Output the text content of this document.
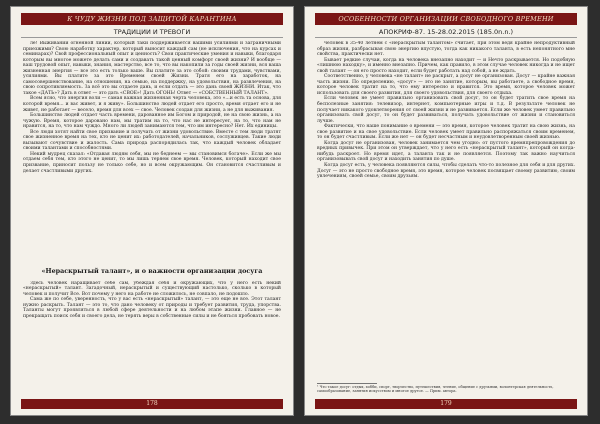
К ЧУДУ ЖИЗНИ ПОД ЗАЩИТОЙ КАРАНТИНА
ТРАДИЦИИ И ТРЕВОГИ

ле! Выживании огненной линии, который таки поддерживается вашими усилиями и заграничными приезжими? Свою наработку характер, который выносит каждый сам (не исключения, что на курсах и семинарах)? Свой профессиональный опыт и ценность? Свои практические умения и навыки, благодаря которым вы многое можете делать сами и создавать такой ценный комфорт своей жизни? И вообще — ваш трудовой опыт, навыки, знания, мастерство, все то, что вы накопили за годы своей жизни, вся ваша жизненная энергия — все это есть только ваше. Вы платите за это собой: своими трудами, чувствами, усилиями. Вы платите за это Временем своей Жизни. Тратя его на заработок, на самосовершенствование, на отношения, на семью, на поддержку, на удовольствия, на развлечения, на свою сопротивляемость. За всё это вы отдаете дань, и если отдать — это дань своей ЖИЗНИ. Итак, что такое «ДАТЬ»? Дать в ответ — это дать «СВОЕ»! Дать ОГОНЬ! Ответ — «СОБСТВЕННЫЙ ТАЛАНТ».

Всем ясно, что энергия воли — самая важная жизненная черта человека, это «...и есть та основа, для которой время... и вас живет, и я живу». Большинство людей отдает его просто, время отдает его и не живет, не работает — весело, время для всех — свое. Человек создан для жизни, а не для выживания.

Большинство людей отдает часть времени, дарованное им Богом и природой, не на свою жизнь, а на чужую. Время, которое даровано нам, мы тратим на то, что нас не интересует, на то, что нам не нравится, на то, что нам чуждо. Много ли людей занимаются тем, что им интересно? Нет. Их единицы.

Все люди хотят найти свое призвание и получать от жизни удовольствие. Вместе с тем люди тратят свое жизненное время на тех, кто не ценит их: работодателей, начальников, сослуживцев. Такие люди вызывают сочувствие и жалость. Сама природа распорядилась так, что каждый человек обладает своими талантами и способностями.

Некий мудрец сказал: «Отдавая людям себя, мы не беднеем — мы становимся богаче». Если же мы отдаем себя тем, кто этого не ценит, то мы лишь теряем свое время. Человек, который находит свое призвание, приносит пользу не только себе, но и всем окружающим. Он становится счастливым и делает счастливыми других.

«Нераскрытый талант», и о важности организации досуга

Здесь человек наращивает себе сам, убеждая себя и окружающих, что у него есть некий «нераскрытый» талант. Загадочный, нераскрытый и существующий настолько, сколько в который человек и получит Все. Вот почему у него на работе не сложилось, не совпало, не подошло.

Сама же по себе, уверенность, что у вас есть «нераскрытый» талант, — это еще не все. Этот талант нужно раскрыть. Талант — это то, что дано человеку от природы и требует развития, труда, упорства. Таланты могут проявляться в любой сфере деятельности и на любом этапе жизни. Главное — не прекращать поиск себя и своего дела, не терять веры в собственные силы и не бояться пробовать новое.

178
ОСОБЕННОСТИ ОРГАНИЗАЦИИ СВОБОДНОГО ВРЕМЕНИ
АПОКРИФ-87. 15-28.02.2015 (185.0n.n.)

человек в 35-40 летнем с «нераскрытым талантом» считает, при этом ведя крайне непродуктивный образ жизни, разбрасывая свою энергию впустую, тогда как никакого таланта, в есть непонятного мне свойства, практически нет.

Бывает редкие случаи, когда на человека внезапно находит — и Нечто раскрывается. Но подобную «лишнюю находку», и именно внезапно. Причем, как правило, в этом случае человек никогда и не ищет свой талант — он его просто находит, если будет работать над собой, а не ждать.

Соответственно, у человека «не талант» не раскрыт, а досуг не организован. Досуг — крайне важная часть жизни. По определению, «досуг» — это не занятие, которым, вы работаете, а свободное время, которое человек тратит на то, что ему интересно и нравится. Это время, которое человек может использовать для своего развития, для своего удовольствия, для своего отдыха.

Если человек не умеет правильно организовать свой досуг, то он будет тратить свое время на бесполезные занятия: телевизор, интернет, компьютерные игры и т.д. В результате человек не получает никакого удовлетворения от своей жизни и не развивается. Если же человек умеет правильно организовать свой досуг, то он будет развиваться, получать удовольствие от жизни и становиться лучше.

Фактически, что наше понимание о времени — это время, которое человек тратит на свою жизнь, на свое развитие и на свое удовольствие. Если человек умеет правильно распоряжаться своим временем, то он будет счастливым. Если же нет — он будет несчастным и неудовлетворенным своей жизнью.

Когда досуг не организован, человек занимается чем угодно: от пустого времяпрепровождения до вредных привычек. При этом он утверждает, что у него есть «нераскрытый талант», который он когда-нибудь раскроет. Но время идет, а таланта так и не появляется. Поэтому так важно научиться организовывать свой досуг и находить занятия по душе.

Когда досуг есть, у человека появляются силы, чтобы сделать что-то полезное для себя и для других. Досуг — это не просто свободное время, это время, которое человек посвящает своему развитию, своим увлечениям, своей семье, своим друзьям.

¹ Что такое досуг: отдых, хобби, спорт, творчество, путешествия, чтение, общение с друзьями, волонтерская деятельность, самообразование, занятия искусством и многое другое. — Прим. автора.
179
